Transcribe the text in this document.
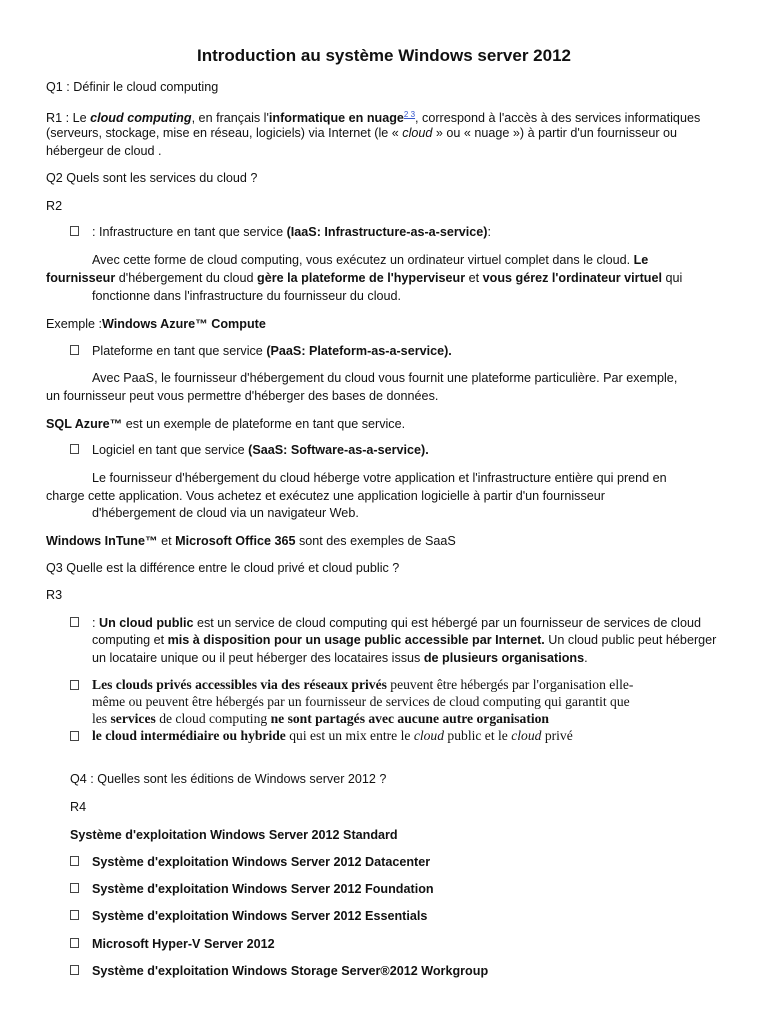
Introduction au système Windows server 2012
Q1 : Définir le cloud computing
R1 : Le cloud computing, en français l'informatique en nuage$^{2 3}$, correspond à l'accès à des services informatiques
(serveurs, stockage, mise en réseau, logiciels) via Internet (le « cloud » ou « nuage ») à partir d'un fournisseur ou
hébergeur de cloud .
Q2 Quels sont les services du cloud ?
R2
: Infrastructure en tant que service (IaaS: Infrastructure-as-a-service):
Avec cette forme de cloud computing, vous exécutez un ordinateur virtuel complet dans le cloud. Le
fournisseur d'hébergement du cloud gère la plateforme de l'hyperviseur et vous gérez l'ordinateur virtuel qui
fonctionne dans l'infrastructure du fournisseur du cloud.
Exemple :Windows Azure™ Compute
Plateforme en tant que service (PaaS: Plateform-as-a-service).
Avec PaaS, le fournisseur d'hébergement du cloud vous fournit une plateforme particulière. Par exemple,
un fournisseur peut vous permettre d'héberger des bases de données.
SQL Azure™ est un exemple de plateforme en tant que service.
Logiciel en tant que service (SaaS: Software-as-a-service).
Le fournisseur d'hébergement du cloud héberge votre application et l'infrastructure entière qui prend en
charge cette application. Vous achetez et exécutez une application logicielle à partir d'un fournisseur
d'hébergement de cloud via un navigateur Web.
Windows InTune™ et Microsoft Office 365 sont des exemples de SaaS
Q3 Quelle est la différence entre le cloud privé et cloud public ?
R3
: Un cloud public est un service de cloud computing qui est hébergé par un fournisseur de services de cloud
computing et mis à disposition pour un usage public accessible par Internet. Un cloud public peut héberger
un locataire unique ou il peut héberger des locataires issus de plusieurs organisations.
Les clouds privés accessibles via des réseaux privés peuvent être hébergés par l'organisation elle-
même ou peuvent être hébergés par un fournisseur de services de cloud computing qui garantit que
les services de cloud computing ne sont partagés avec aucune autre organisation
le cloud intermédiaire ou hybride qui est un mix entre le cloud public et le cloud privé
Q4 : Quelles sont les éditions de Windows server 2012 ?
R4
Système d'exploitation Windows Server 2012 Standard
Système d'exploitation Windows Server 2012 Datacenter
Système d'exploitation Windows Server 2012 Foundation
Système d'exploitation Windows Server 2012 Essentials
Microsoft Hyper-V Server 2012
Système d'exploitation Windows Storage Server®2012 Workgroup
